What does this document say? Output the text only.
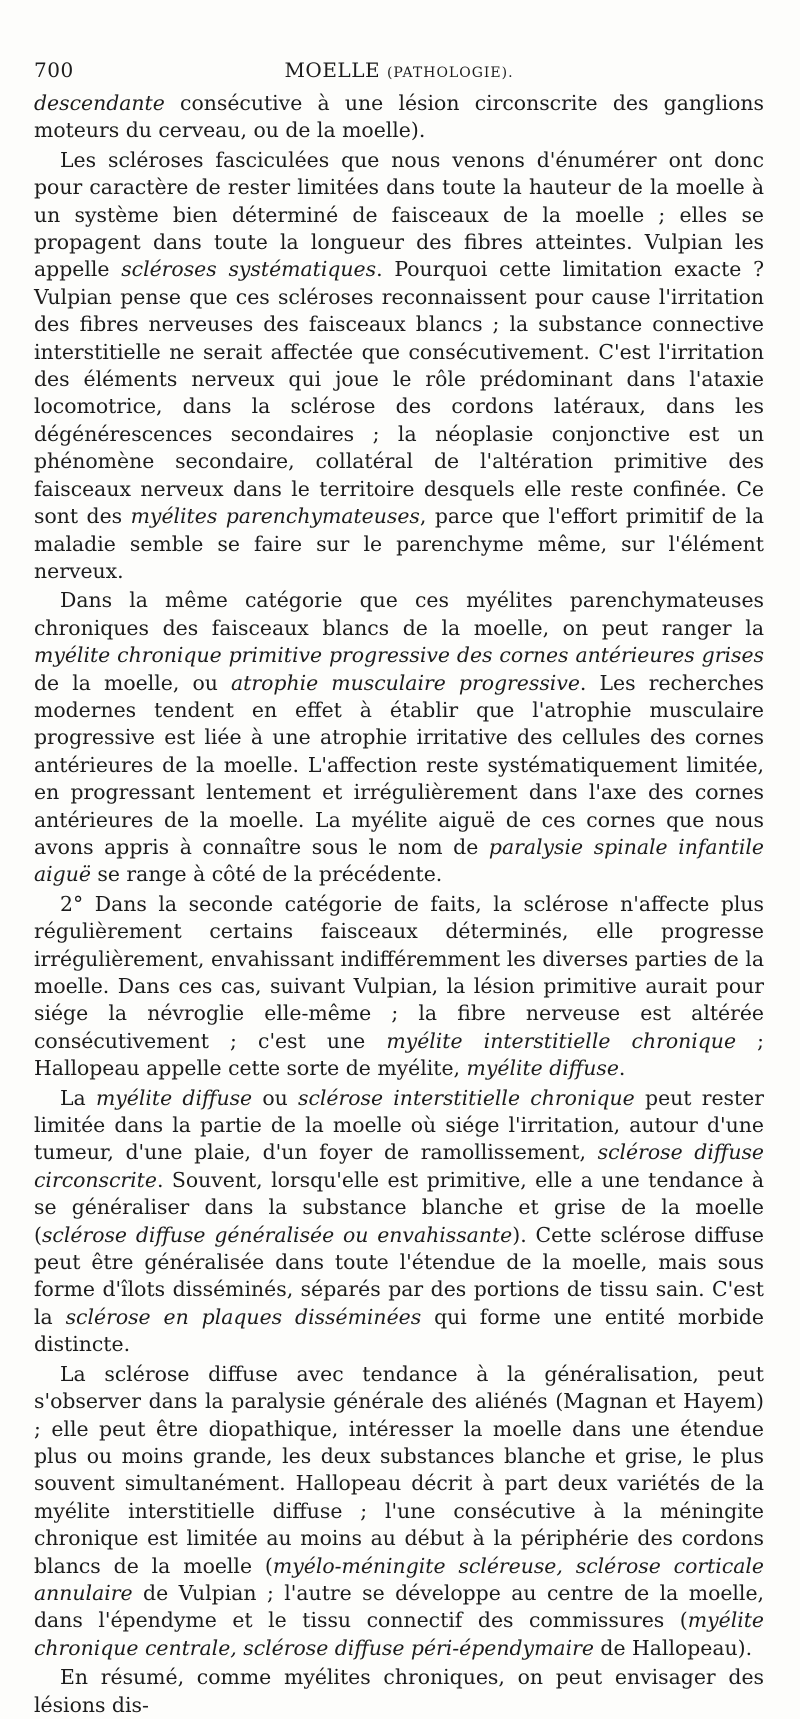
700	MOELLE (PATHOLOGIE).

descendante consécutive à une lésion circonscrite des ganglions moteurs du cerveau, ou de la moelle).

Les scléroses fasciculées que nous venons d'énumérer ont donc pour caractère de rester limitées dans toute la hauteur de la moelle à un système bien déterminé de faisceaux de la moelle ; elles se propagent dans toute la longueur des fibres atteintes. Vulpian les appelle scléroses systématiques. Pourquoi cette limitation exacte ? Vulpian pense que ces scléroses reconnaissent pour cause l'irritation des fibres nerveuses des faisceaux blancs ; la substance connective interstitielle ne serait affectée que consécutivement. C'est l'irritation des éléments nerveux qui joue le rôle prédominant dans l'ataxie locomotrice, dans la sclérose des cordons latéraux, dans les dégénérescences secondaires ; la néoplasie conjonctive est un phénomène secondaire, collatéral de l'altération primitive des faisceaux nerveux dans le territoire desquels elle reste confinée. Ce sont des myélites parenchymateuses, parce que l'effort primitif de la maladie semble se faire sur le parenchyme même, sur l'élément nerveux.

Dans la même catégorie que ces myélites parenchymateuses chroniques des faisceaux blancs de la moelle, on peut ranger la myélite chronique primitive progressive des cornes antérieures grises de la moelle, ou atrophie musculaire progressive. Les recherches modernes tendent en effet à établir que l'atrophie musculaire progressive est liée à une atrophie irritative des cellules des cornes antérieures de la moelle. L'affection reste systématiquement limitée, en progressant lentement et irrégulièrement dans l'axe des cornes antérieures de la moelle. La myélite aiguë de ces cornes que nous avons appris à connaître sous le nom de paralysie spinale infantile aiguë se range à côté de la précédente.

2° Dans la seconde catégorie de faits, la sclérose n'affecte plus régulièrement certains faisceaux déterminés, elle progresse irrégulièrement, envahissant indifféremment les diverses parties de la moelle. Dans ces cas, suivant Vulpian, la lésion primitive aurait pour siége la névroglie elle-même ; la fibre nerveuse est altérée consécutivement ; c'est une myélite interstitielle chronique ; Hallopeau appelle cette sorte de myélite, myélite diffuse.

La myélite diffuse ou sclérose interstitielle chronique peut rester limitée dans la partie de la moelle où siége l'irritation, autour d'une tumeur, d'une plaie, d'un foyer de ramollissement, sclérose diffuse circonscrite. Souvent, lorsqu'elle est primitive, elle a une tendance à se généraliser dans la substance blanche et grise de la moelle (sclérose diffuse généralisée ou envahissante). Cette sclérose diffuse peut être généralisée dans toute l'étendue de la moelle, mais sous forme d'îlots disséminés, séparés par des portions de tissu sain. C'est la sclérose en plaques disséminées qui forme une entité morbide distincte.

La sclérose diffuse avec tendance à la généralisation, peut s'observer dans la paralysie générale des aliénés (Magnan et Hayem) ; elle peut être diopathique, intéresser la moelle dans une étendue plus ou moins grande, les deux substances blanche et grise, le plus souvent simultanément. Hallopeau décrit à part deux variétés de la myélite interstitielle diffuse ; l'une consécutive à la méningite chronique est limitée au moins au début à la périphérie des cordons blancs de la moelle (myélo-méningite scléreuse, sclérose corticale annulaire de Vulpian ; l'autre se développe au centre de la moelle, dans l'épendyme et le tissu connectif des commissures (myélite chronique centrale, sclérose diffuse péri-épendymaire de Hallopeau).

En résumé, comme myélites chroniques, on peut envisager des lésions dis-
